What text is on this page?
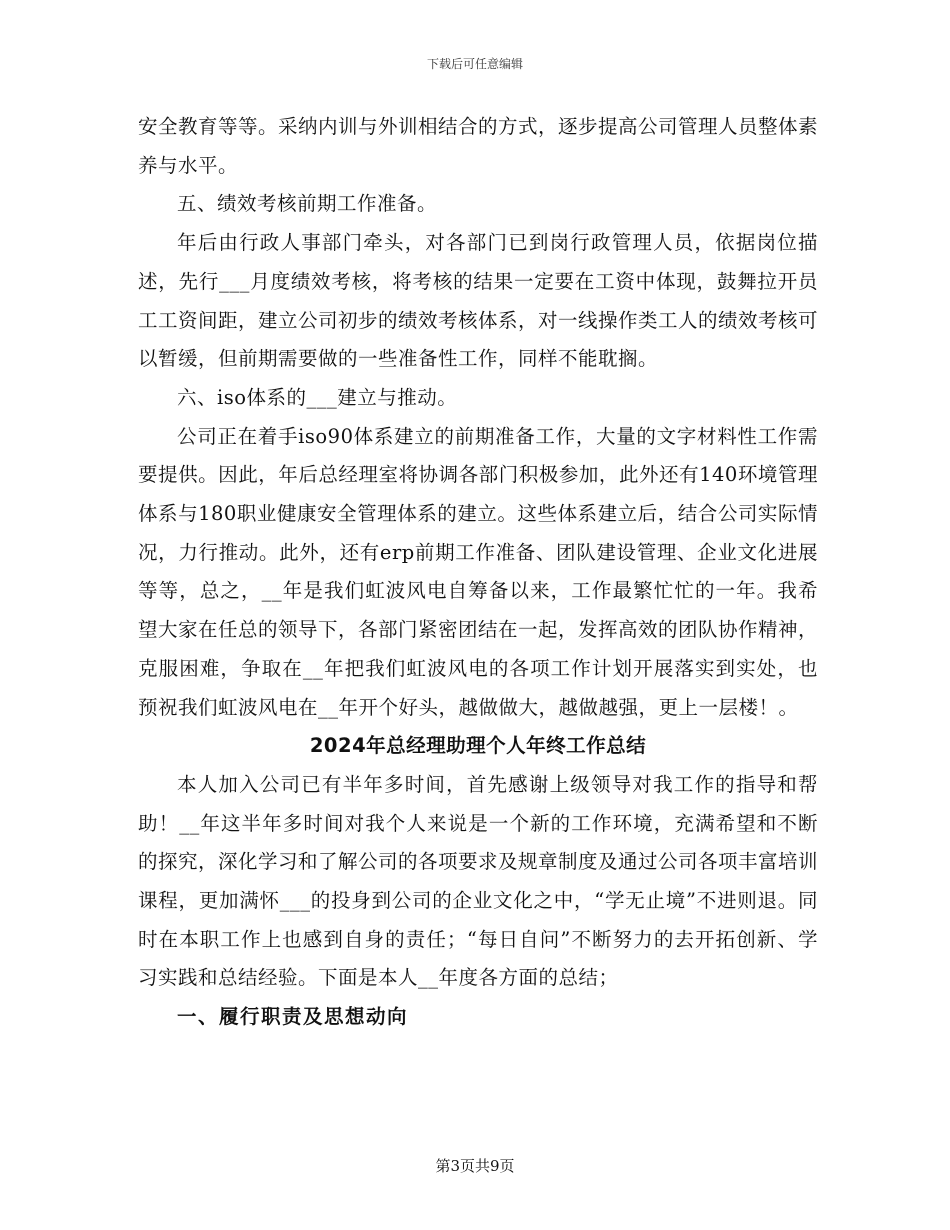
下载后可任意编辑

安全教育等等。采纳内训与外训相结合的方式，逐步提高公司管理人员整体素养与水平。

五、绩效考核前期工作准备。

年后由行政人事部门牵头，对各部门已到岗行政管理人员，依据岗位描述，先行___月度绩效考核，将考核的结果一定要在工资中体现，鼓舞拉开员工工资间距，建立公司初步的绩效考核体系，对一线操作类工人的绩效考核可以暂缓，但前期需要做的一些准备性工作，同样不能耽搁。

六、iso体系的___建立与推动。

公司正在着手iso90体系建立的前期准备工作，大量的文字材料性工作需要提供。因此，年后总经理室将协调各部门积极参加，此外还有140环境管理体系与180职业健康安全管理体系的建立。这些体系建立后，结合公司实际情况，力行推动。此外，还有erp前期工作准备、团队建设管理、企业文化进展等等，总之，__年是我们虹波风电自筹备以来，工作最繁忙忙的一年。我希望大家在任总的领导下，各部门紧密团结在一起，发挥高效的团队协作精神，克服困难，争取在__年把我们虹波风电的各项工作计划开展落实到实处，也预祝我们虹波风电在__年开个好头，越做做大，越做越强，更上一层楼！。

2024年总经理助理个人年终工作总结

本人加入公司已有半年多时间，首先感谢上级领导对我工作的指导和帮助！__年这半年多时间对我个人来说是一个新的工作环境，充满希望和不断的探究，深化学习和了解公司的各项要求及规章制度及通过公司各项丰富培训课程，更加满怀___的投身到公司的企业文化之中，“学无止境”不进则退。同时在本职工作上也感到自身的责任；“每日自问”不断努力的去开拓创新、学习实践和总结经验。下面是本人__年度各方面的总结；

一、履行职责及思想动向

第3页共9页
